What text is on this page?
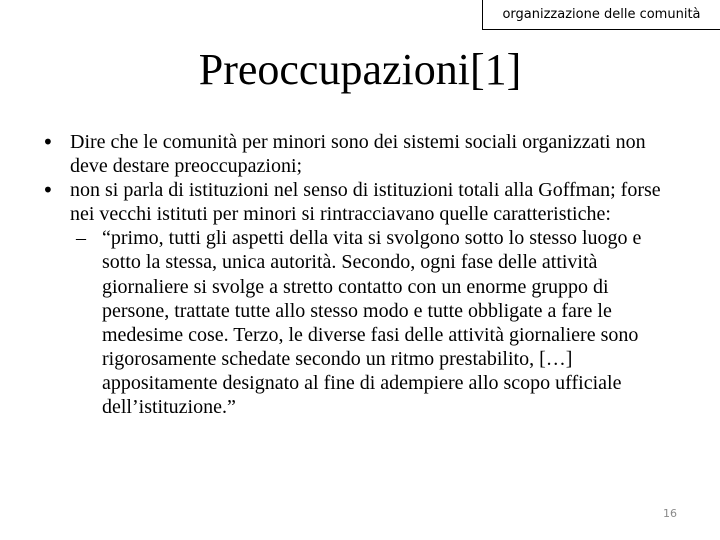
organizzazione delle comunità
Preoccupazioni[1]
• Dire che le comunità per minori sono dei sistemi sociali organizzati non deve destare preoccupazioni;
• non si parla di istituzioni nel senso di istituzioni totali alla Goffman; forse nei vecchi istituti per minori si rintracciavano quelle caratteristiche:
– “primo, tutti gli aspetti della vita si svolgono sotto lo stesso luogo e sotto la stessa, unica autorità. Secondo, ogni fase delle attività giornaliere si svolge a stretto contatto con un enorme gruppo di persone, trattate tutte allo stesso modo e tutte obbligate a fare le medesime cose. Terzo, le diverse fasi delle attività giornaliere sono rigorosamente schedate secondo un ritmo prestabilito, […] appositamente designato al fine di adempiere allo scopo ufficiale dell’istituzione.”
16
